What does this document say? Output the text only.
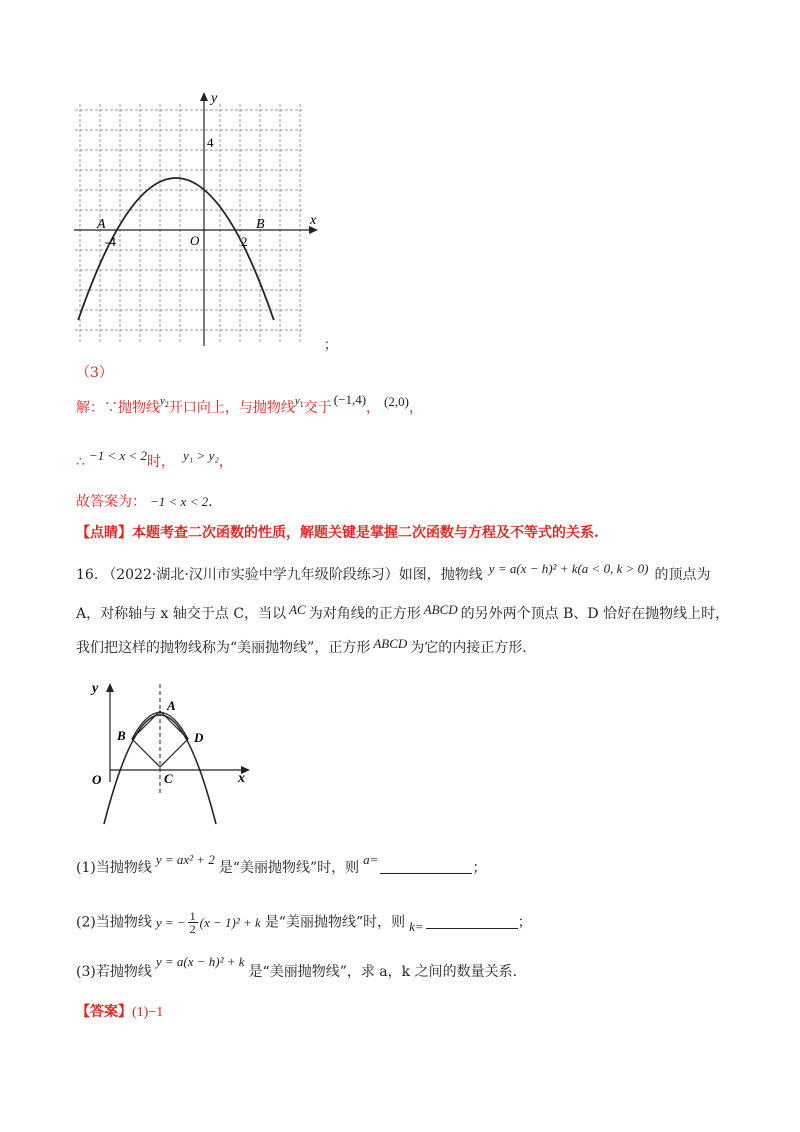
y
x
O
A	B
-4	2
4
；
（3）
解：∵抛物线$^{y_2}$开口向上，与抛物线$^{y_1}$交于(−1,4)， (2,0)，
∴ −1 < x < 2时， y₁ > y₂，
故答案为： −1 < x < 2.
【点睛】本题考查二次函数的性质，解题关键是掌握二次函数与方程及不等式的关系.
16. （2022·湖北·汉川市实验中学九年级阶段练习）如图，抛物线 y = a(x − h)² + k(a < 0, k > 0) 的顶点为
A，对称轴与 x 轴交于点 C，当以 AC 为对角线的正方形 ABCD 的另外两个顶点 B、D 恰好在抛物线上时，
我们把这样的抛物线称为“美丽抛物线”，正方形 ABCD 为它的内接正方形.
y
x
O
A
B
C
D
(1)当抛物线y = ax² + 2是“美丽抛物线”时，则a=；
(2)当抛物线 y = − $\frac{1}{2} (x - 1)^2 + k$ 是“美丽抛物线”时，则 k=	；
(3)若抛物线y = a(x − h)² + k是“美丽抛物线”，求 a，k 之间的数量关系.
【答案】(1)−1
